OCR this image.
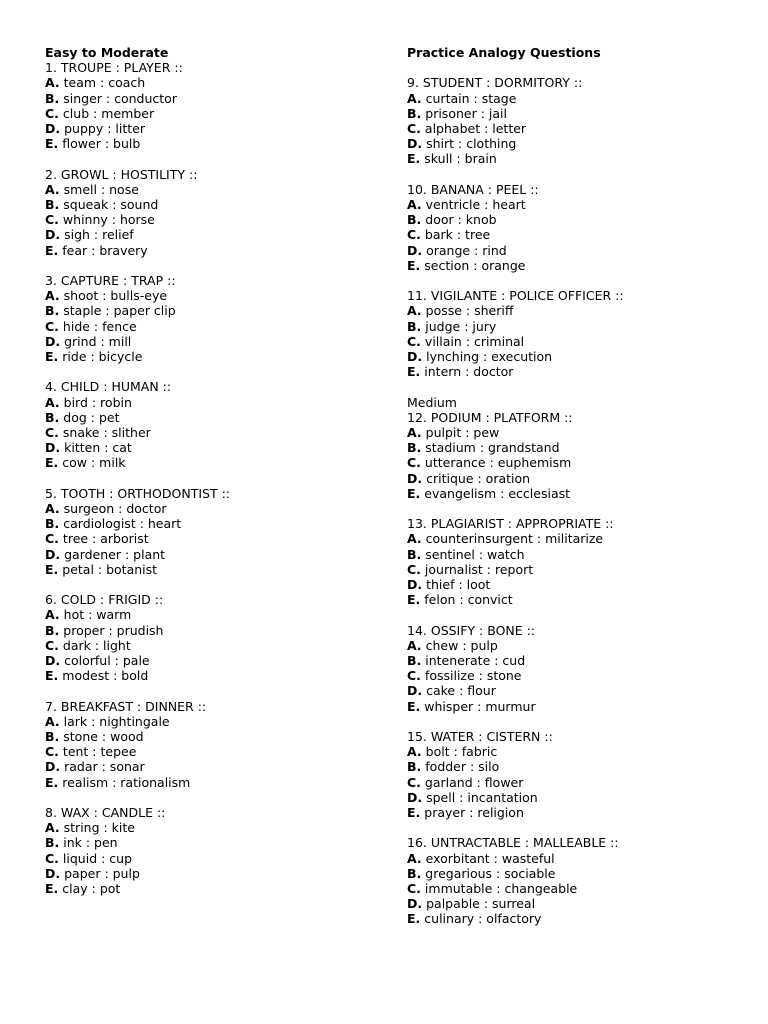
Easy to Moderate
1. TROUPE : PLAYER ::
A. team : coach
B. singer : conductor
C. club : member
D. puppy : litter
E. flower : bulb
2. GROWL : HOSTILITY ::
A. smell : nose
B. squeak : sound
C. whinny : horse
D. sigh : relief
E. fear : bravery
3. CAPTURE : TRAP ::
A. shoot : bulls-eye
B. staple : paper clip
C. hide : fence
D. grind : mill
E. ride : bicycle
4. CHILD : HUMAN ::
A. bird : robin
B. dog : pet
C. snake : slither
D. kitten : cat
E. cow : milk
5. TOOTH : ORTHODONTIST ::
A. surgeon : doctor
B. cardiologist : heart
C. tree : arborist
D. gardener : plant
E. petal : botanist
6. COLD : FRIGID ::
A. hot : warm
B. proper : prudish
C. dark : light
D. colorful : pale
E. modest : bold
7. BREAKFAST : DINNER ::
A. lark : nightingale
B. stone : wood
C. tent : tepee
D. radar : sonar
E. realism : rationalism
8. WAX : CANDLE ::
A. string : kite
B. ink : pen
C. liquid : cup
D. paper : pulp
E. clay : pot
Practice Analogy Questions
9. STUDENT : DORMITORY ::
A. curtain : stage
B. prisoner : jail
C. alphabet : letter
D. shirt : clothing
E. skull : brain
10. BANANA : PEEL ::
A. ventricle : heart
B. door : knob
C. bark : tree
D. orange : rind
E. section : orange
11. VIGILANTE : POLICE OFFICER ::
A. posse : sheriff
B. judge : jury
C. villain : criminal
D. lynching : execution
E. intern : doctor
Medium
12. PODIUM : PLATFORM ::
A. pulpit : pew
B. stadium : grandstand
C. utterance : euphemism
D. critique : oration
E. evangelism : ecclesiast
13. PLAGIARIST : APPROPRIATE ::
A. counterinsurgent : militarize
B. sentinel : watch
C. journalist : report
D. thief : loot
E. felon : convict
14. OSSIFY : BONE ::
A. chew : pulp
B. intenerate : cud
C. fossilize : stone
D. cake : flour
E. whisper : murmur
15. WATER : CISTERN ::
A. bolt : fabric
B. fodder : silo
C. garland : flower
D. spell : incantation
E. prayer : religion
16. UNTRACTABLE : MALLEABLE ::
A. exorbitant : wasteful
B. gregarious : sociable
C. immutable : changeable
D. palpable : surreal
E. culinary : olfactory
